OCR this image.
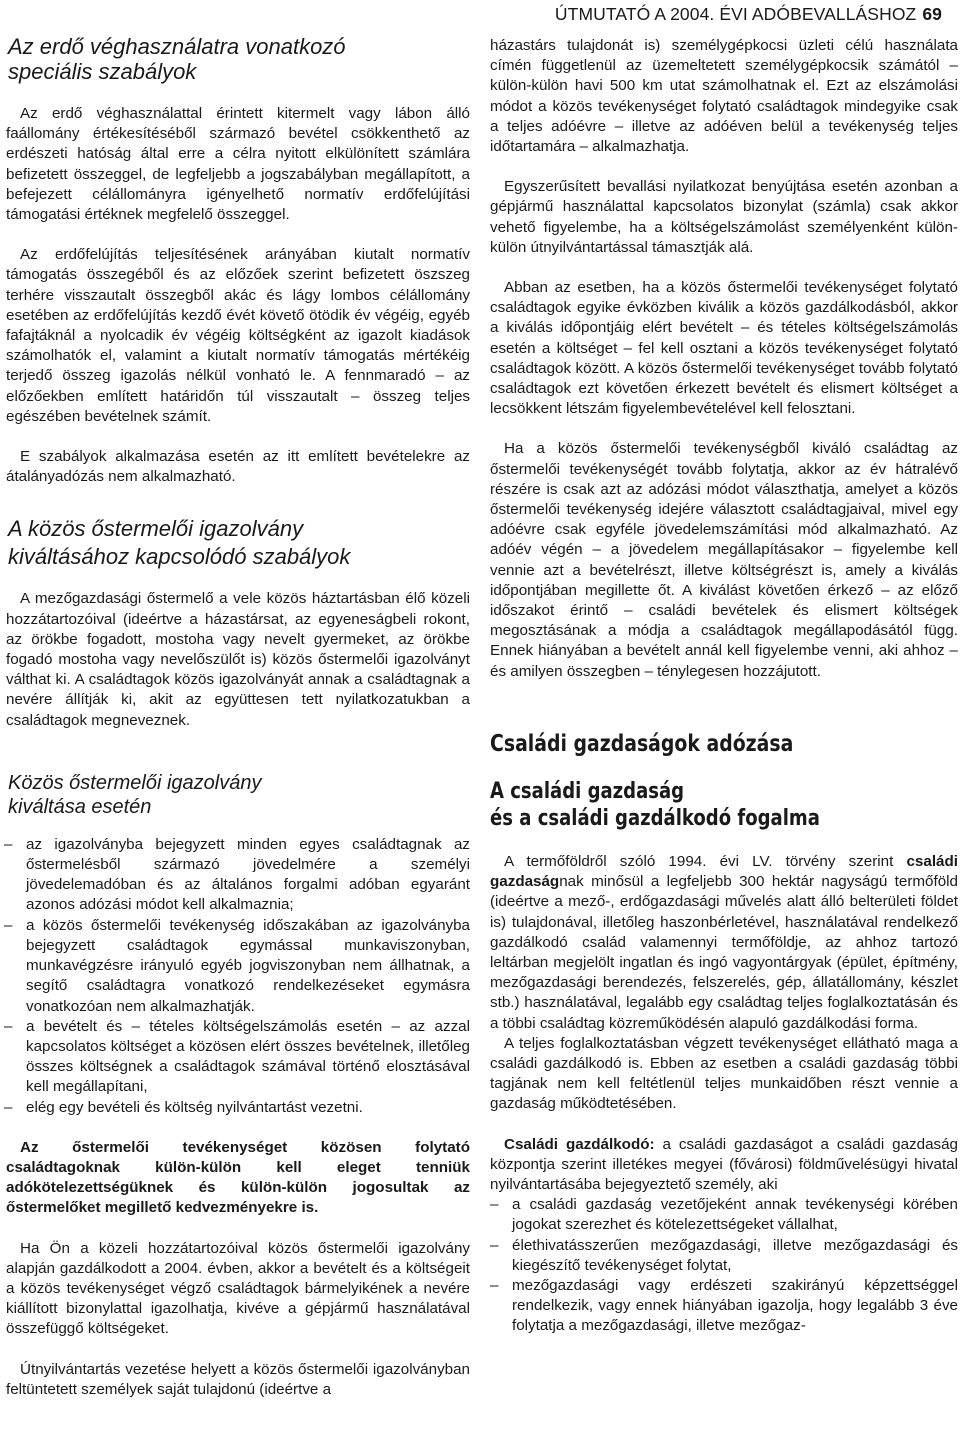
ÚTMUTATÓ A 2004. ÉVI ADÓBEVALLÁSHOZ 69
Az erdő véghasználatra vonatkozó speciális szabályok

Az erdő véghasználattal érintett kitermelt vagy lábon álló faállomány értékesítéséből származó bevétel csökkenthető az erdészeti hatóság által erre a célra nyitott elkülönített számlára befizetett összeggel, de legfeljebb a jogszabályban megállapított, a befejezett célállományra igényelhető normatív erdőfelújítási támogatási értéknek megfelelő összeggel.

Az erdőfelújítás teljesítésének arányában kiutalt normatív támogatás összegéből és az előzőek szerint befizetett öszszeg terhére visszautalt összegből akác és lágy lombos célállomány esetében az erdőfelújítás kezdő évét követő ötödik év végéig, egyéb fafajtáknál a nyolcadik év végéig költségként az igazolt kiadások számolhatók el, valamint a kiutalt normatív támogatás mértékéig terjedő összeg igazolás nélkül vonható le. A fennmaradó – az előzőekben említett határidőn túl visszautalt – összeg teljes egészében bevételnek számít.

E szabályok alkalmazása esetén az itt említett bevételekre az átalányadózás nem alkalmazható.

A közös őstermelői igazolvány kiváltásához kapcsolódó szabályok

A mezőgazdasági őstermelő a vele közös háztartásban élő közeli hozzátartozóival (ideértve a házastársat, az egyeneságbeli rokont, az örökbe fogadott, mostoha vagy nevelt gyermeket, az örökbe fogadó mostoha vagy nevelőszülőt is) közös őstermelői igazolványt válthat ki. A családtagok közös igazolványát annak a családtagnak a nevére állítják ki, akit az együttesen tett nyilatkozatukban a családtagok megneveznek.

Közös őstermelői igazolvány kiváltása esetén
– az igazolványba bejegyzett minden egyes családtagnak az őstermelésből származó jövedelmére a személyi jövedelemadóban és az általános forgalmi adóban egyaránt azonos adózási módot kell alkalmaznia;
– a közös őstermelői tevékenység időszakában az igazolványba bejegyzett családtagok egymással munkaviszonyban, munkavégzésre irányuló egyéb jogviszonyban nem állhatnak, a segítő családtagra vonatkozó rendelkezéseket egymásra vonatkozóan nem alkalmazhatják.
– a bevételt és – tételes költségelszámolás esetén – az azzal kapcsolatos költséget a közösen elért összes bevételnek, illetőleg összes költségnek a családtagok számával történő elosztásával kell megállapítani,
– elég egy bevételi és költség nyilvántartást vezetni.

Az őstermelői tevékenységet közösen folytató családtagoknak külön-külön kell eleget tenniük adókötelezettségüknek és külön-külön jogosultak az őstermelőket megillető kedvezményekre is.

Ha Ön a közeli hozzátartozóival közös őstermelői igazolvány alapján gazdálkodott a 2004. évben, akkor a bevételt és a költségeit a közös tevékenységet végző családtagok bármelyikének a nevére kiállított bizonylattal igazolhatja, kivéve a gépjármű használatával összefüggő költségeket.

Útnyilvántartás vezetése helyett a közös őstermelői igazolványban feltüntetett személyek saját tulajdonú (ideértve a

házastárs tulajdonát is) személygépkocsi üzleti célú használata címén függetlenül az üzemeltetett személygépkocsik számától – külön-külön havi 500 km utat számolhatnak el. Ezt az elszámolási módot a közös tevékenységet folytató családtagok mindegyike csak a teljes adóévre – illetve az adóéven belül a tevékenység teljes időtartamára – alkalmazhatja.

Egyszerűsített bevallási nyilatkozat benyújtása esetén azonban a gépjármű használattal kapcsolatos bizonylat (számla) csak akkor vehető figyelembe, ha a költségelszámolást személyenként külön-külön útnyilvántartással támasztják alá.

Abban az esetben, ha a közös őstermelői tevékenységet folytató családtagok egyike évközben kiválik a közös gazdálkodásból, akkor a kiválás időpontjáig elért bevételt – és tételes költségelszámolás esetén a költséget – fel kell osztani a közös tevékenységet folytató családtagok között. A közös őstermelői tevékenységet tovább folytató családtagok ezt követően érkezett bevételt és elismert költséget a lecsökkent létszám figyelembevételével kell felosztani.

Ha a közös őstermelői tevékenységből kiváló családtag az őstermelői tevékenységét tovább folytatja, akkor az év hátralévő részére is csak azt az adózási módot választhatja, amelyet a közös őstermelői tevékenység idejére választott családtagjaival, mivel egy adóévre csak egyféle jövedelemszámítási mód alkalmazható. Az adóév végén – a jövedelem megállapításakor – figyelembe kell vennie azt a bevételrészt, illetve költségrészt is, amely a kiválás időpontjában megillette őt. A kiválást követően érkező – az előző időszakot érintő – családi bevételek és elismert költségek megosztásának a módja a családtagok megállapodásától függ. Ennek hiányában a bevételt annál kell figyelembe venni, aki ahhoz – és amilyen összegben – ténylegesen hozzájutott.

Családi gazdaságok adózása
A családi gazdaság
és a családi gazdálkodó fogalma

A termőföldről szóló 1994. évi LV. törvény szerint családi gazdaságnak minősül a legfeljebb 300 hektár nagyságú termőföld (ideértve a mező-, erdőgazdasági művelés alatt álló belterületi földet is) tulajdonával, illetőleg haszonbérletével, használatával rendelkező gazdálkodó család valamennyi termőföldje, az ahhoz tartozó leltárban megjelölt ingatlan és ingó vagyontárgyak (épület, építmény, mezőgazdasági berendezés, felszerelés, gép, állatállomány, készlet stb.) használatával, legalább egy családtag teljes foglalkoztatásán és a többi családtag közreműködésén alapuló gazdálkodási forma.

A teljes foglalkoztatásban végzett tevékenységet ellátható maga a családi gazdálkodó is. Ebben az esetben a családi gazdaság többi tagjának nem kell feltétlenül teljes munkaidőben részt vennie a gazdaság működtetésében.

Családi gazdálkodó: a családi gazdaságot a családi gazdaság központja szerint illetékes megyei (fővárosi) földművelésügyi hivatal nyilvántartásába bejegyeztető személy, aki

– a családi gazdaság vezetőjeként annak tevékenységi körében jogokat szerezhet és kötelezettségeket vállalhat,
– élethivatásszerűen mezőgazdasági, illetve mezőgazdasági és kiegészítő tevékenységet folytat,
– mezőgazdasági vagy erdészeti szakirányú képzettséggel rendelkezik, vagy ennek hiányában igazolja, hogy legalább 3 éve folytatja a mezőgazdasági, illetve mezőgaz-
